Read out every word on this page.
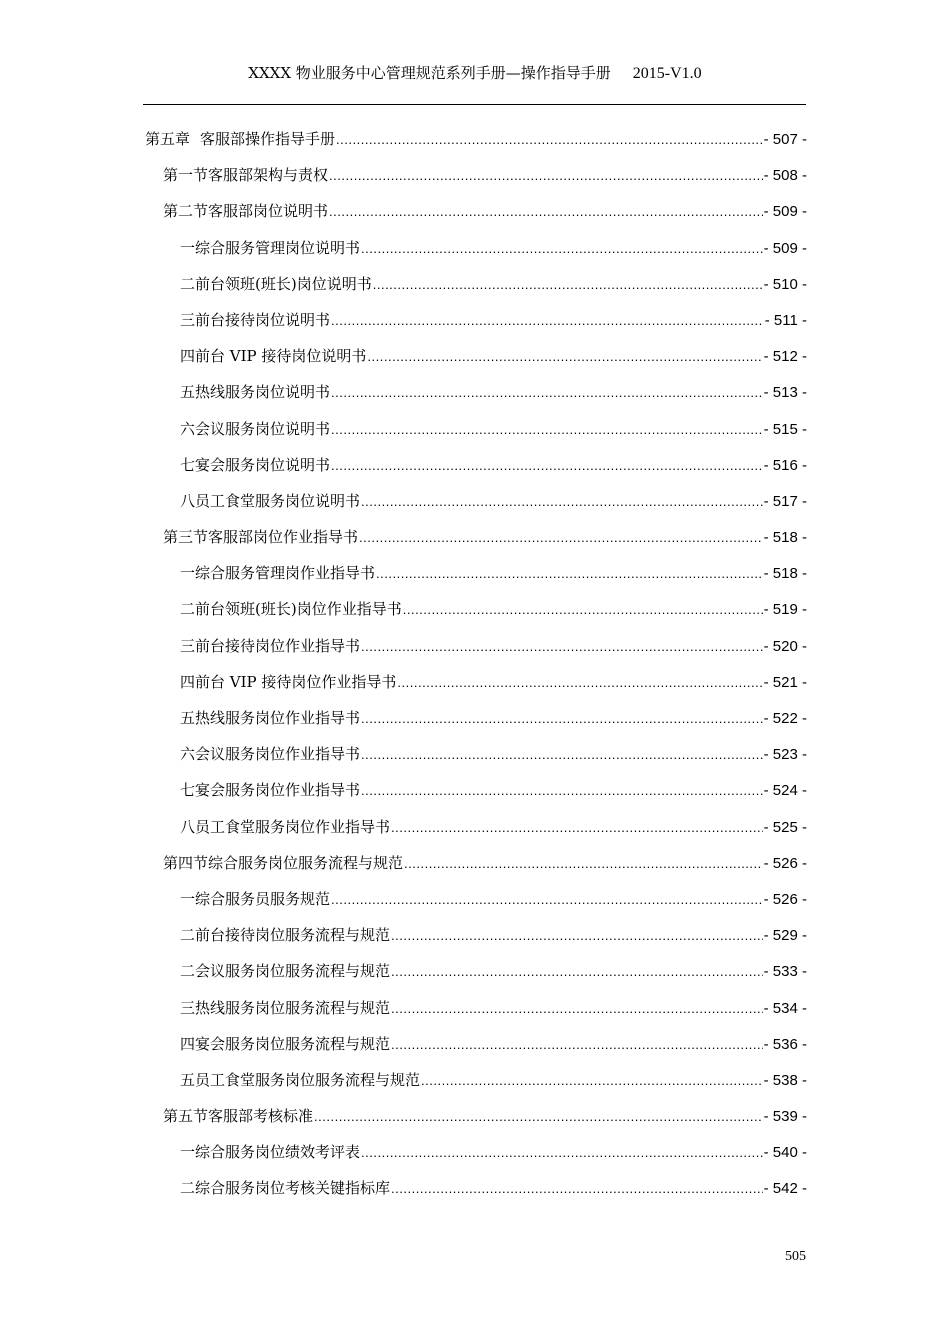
XXXX 物业服务中心管理规范系列手册—操作指导手册 2015-V1.0
第五章 客服部操作指导手册 .....	- 507 -
第一节 客服部架构与责权 .....	- 508 -
第二节 客服部岗位说明书 .....	- 509 -
一 综合服务管理岗位说明书 .....	- 509 -
二 前台领班(班长)岗位说明书 .....	- 510 -
三 前台接待岗位说明书 .....	- 511 -
四 前台 VIP 接待岗位说明书 .....	- 512 -
五 热线服务岗位说明书 .....	- 513 -
六 会议服务岗位说明书 .....	- 515 -
七 宴会服务岗位说明书 .....	- 516 -
八 员工食堂服务岗位说明书 .....	- 517 -
第三节 客服部岗位作业指导书 .....	- 518 -
一 综合服务管理岗作业指导书 .....	- 518 -
二 前台领班(班长)岗位作业指导书 .....	- 519 -
三 前台接待岗位作业指导书 .....	- 520 -
四 前台 VIP 接待岗位作业指导书 .....	- 521 -
五 热线服务岗位作业指导书 .....	- 522 -
六 会议服务岗位作业指导书 .....	- 523 -
七 宴会服务岗位作业指导书 .....	- 524 -
八 员工食堂服务岗位作业指导书 .....	- 525 -
第四节 综合服务岗位服务流程与规范 .....	- 526 -
一 综合服务员服务规范 .....	- 526 -
二 前台接待岗位服务流程与规范 .....	- 529 -
二 会议服务岗位服务流程与规范 .....	- 533 -
三 热线服务岗位服务流程与规范 .....	- 534 -
四 宴会服务岗位服务流程与规范 .....	- 536 -
五 员工食堂服务岗位服务流程与规范 .....	- 538 -
第五节 客服部考核标准 .....	- 539 -
一 综合服务岗位绩效考评表 .....	- 540 -
二 综合服务岗位考核关键指标库 .....	- 542 -
505
